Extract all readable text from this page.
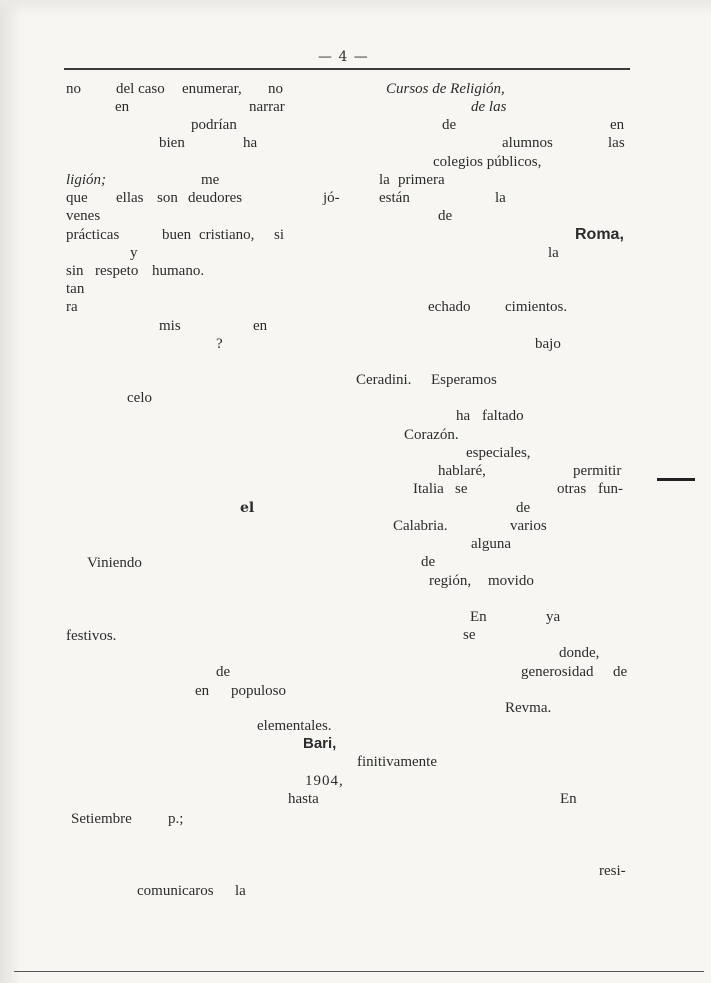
— 4 —
no del caso enumerar, no
en	narrar
podrían
bien	ha
ligión;	me
que ellas son deudores	jó-
venes
prácticas	buen cristiano, si
y
sin respeto humano.
tan
ra
mis	en
?
celo
el
Viniendo
festivos.
de
en populoso
elementales.
Bari,
1904,
hasta
Setiembre p.;
comunicaros la
Cursos de Religión,
de las
de	en
alumnos	las
colegios públicos,
la primera
están	la
de
Roma,
la
echado cimientos.
bajo
Ceradini. Esperamos
ha faltado
Corazón.
especiales,
hablaré,	permitir
Italia se	otras fun-
de
Calabria.	varios
alguna
de
región, movido
En	ya
se
donde,
generosidad de
Revma.
finitivamente
En
resi-
